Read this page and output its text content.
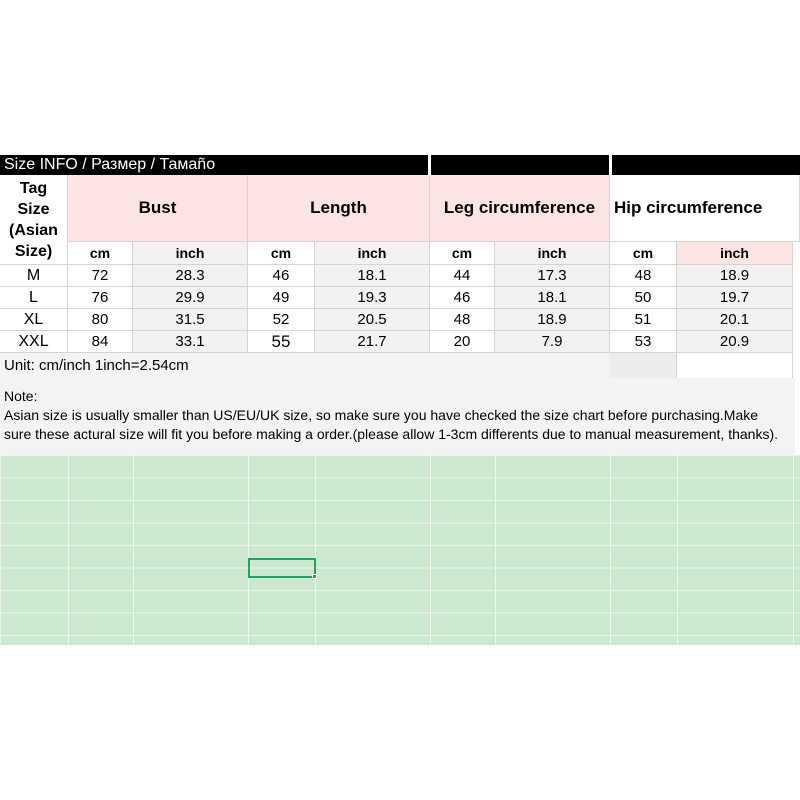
Size INFO / Размер / Тамаño
Tag
Size
(Asian
Size)
Bust	Length	Leg circumference	Hip circumference
cm	inch	cm	inch	cm	inch	cm	inch
M	72	28.3	46	18.1	44	17.3	48	18.9
L	76	29.9	49	19.3	46	18.1	50	19.7
XL	80	31.5	52	20.5	48	18.9	51	20.1
XXL	84	33.1	55	21.7	20	7.9	53	20.9
Unit: cm/inch 1inch=2.54cm
Note:
Asian size is usually smaller than US/EU/UK size, so make sure you have checked the size chart before purchasing.Make
sure these actural size will fit you before making a order.(please allow 1-3cm differents due to manual measurement, thanks).
